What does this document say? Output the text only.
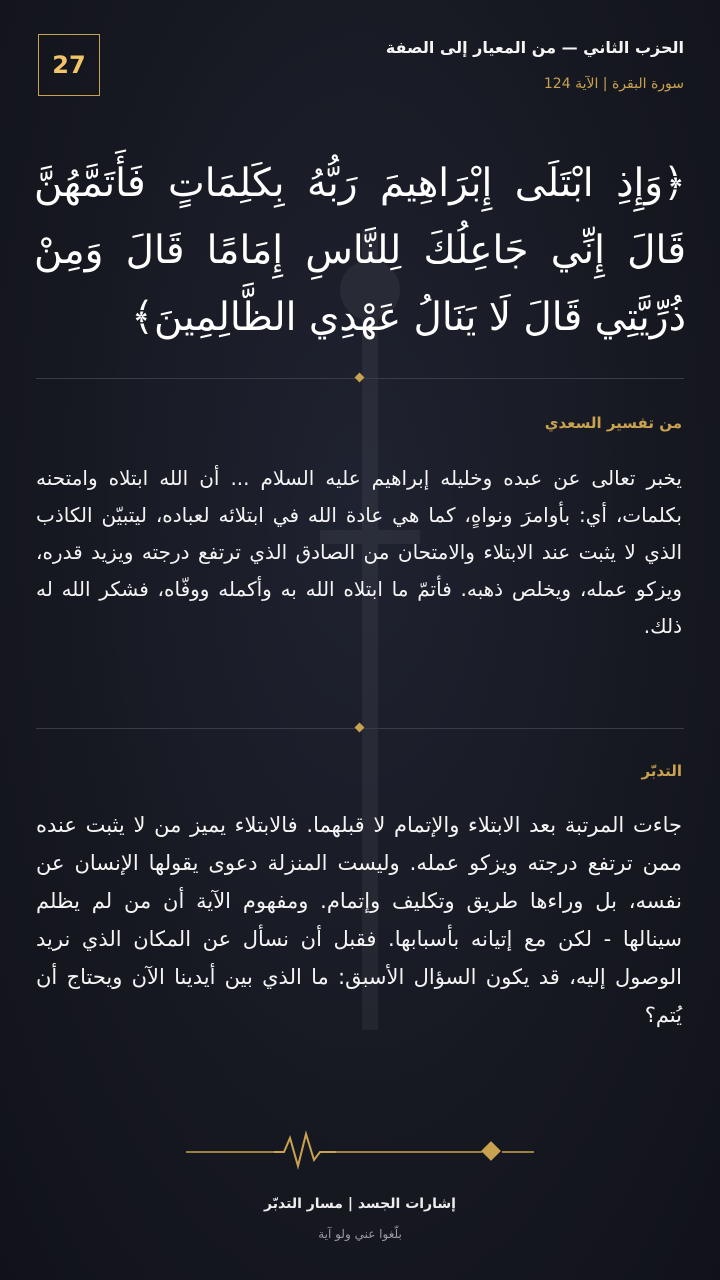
الحزب الثاني — من المعيار إلى الصفة
سورة البقرة | الآية 124
27
﴿وَإِذِ ابْتَلَى إِبْرَاهِيمَ رَبُّهُ بِكَلِمَاتٍ فَأَتَمَّهُنَّ قَالَ إِنِّي جَاعِلُكَ لِلنَّاسِ إِمَامًا قَالَ وَمِنْ ذُرِّيَّتِي قَالَ لَا يَنَالُ عَهْدِي الظَّالِمِينَ﴾
من تفسير السعدي
يخبر تعالى عن عبده وخليله إبراهيم عليه السلام ... أن الله ابتلاه وامتحنه بكلمات، أي: بأوامرَ ونواهٍ، كما هي عادة الله في ابتلائه لعباده، ليتبيّن الكاذب الذي لا يثبت عند الابتلاء والامتحان من الصادق الذي ترتفع درجته ويزيد قدره، ويزكو عمله، ويخلص ذهبه. فأتمّ ما ابتلاه الله به وأكمله ووفّاه، فشكر الله له ذلك.
التدبّر
جاءت المرتبة بعد الابتلاء والإتمام لا قبلهما. فالابتلاء يميز من لا يثبت عنده ممن ترتفع درجته ويزكو عمله. وليست المنزلة دعوى يقولها الإنسان عن نفسه، بل وراءها طريق وتكليف وإتمام. ومفهوم الآية أن من لم يظلم سينالها - لكن مع إتيانه بأسبابها. فقبل أن نسأل عن المكان الذي نريد الوصول إليه، قد يكون السؤال الأسبق: ما الذي بين أيدينا الآن ويحتاج أن يُتم؟
إشارات الجسد | مسار التدبّر
بلّغوا عني ولو آية
